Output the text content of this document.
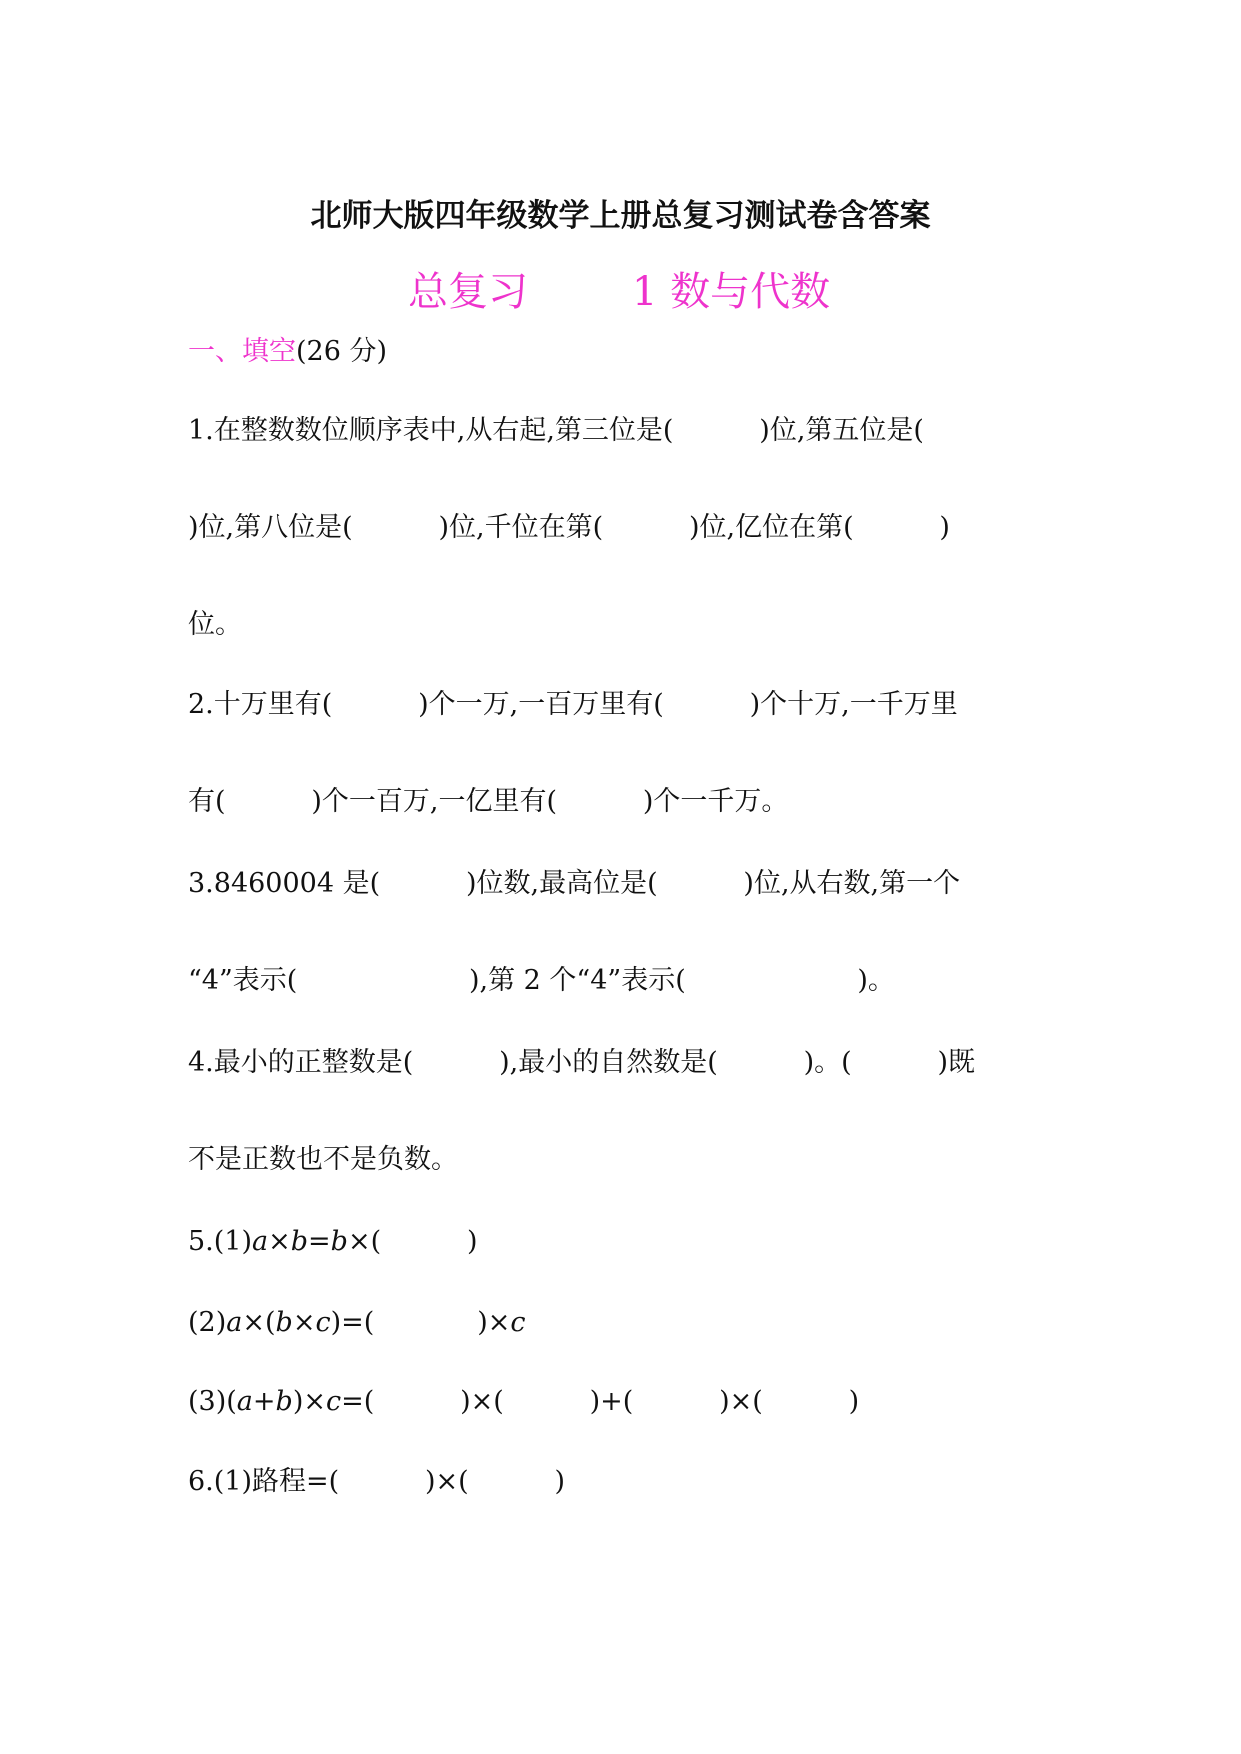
北师大版四年级数学上册总复习测试卷含答案
总复习	1 数与代数
一、填空(26 分)
1.在整数数位顺序表中,从右起,第三位是(          )位,第五位是(
)位,第八位是(          )位,千位在第(          )位,亿位在第(          )
位。
2.十万里有(          )个一万,一百万里有(          )个十万,一千万里
有(          )个一百万,一亿里有(          )个一千万。
3.8460004 是(          )位数,最高位是(          )位,从右数,第一个
“4”表示(                    ),第 2 个“4”表示(                    )。
4.最小的正整数是(          ),最小的自然数是(          )。(          )既
不是正数也不是负数。
5.(1)a×b=b×(          )
(2)a×(b×c)=(            )×c
(3)(a+b)×c=(          )×(          )+(          )×(          )
6.(1)路程=(          )×(          )
